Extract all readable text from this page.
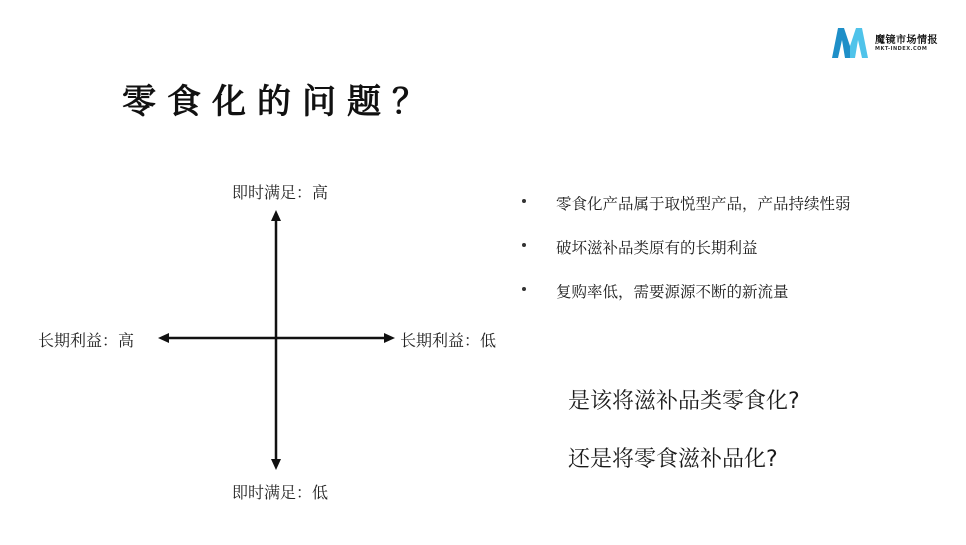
魔镜市场情报
MKT-INDEX.COM
零食化的问题？
即时满足：高
即时满足：低
长期利益：高	长期利益：低
零食化产品属于取悦型产品，产品持续性弱
破坏滋补品类原有的长期利益
复购率低，需要源源不断的新流量
是该将滋补品类零食化?
还是将零食滋补品化?
